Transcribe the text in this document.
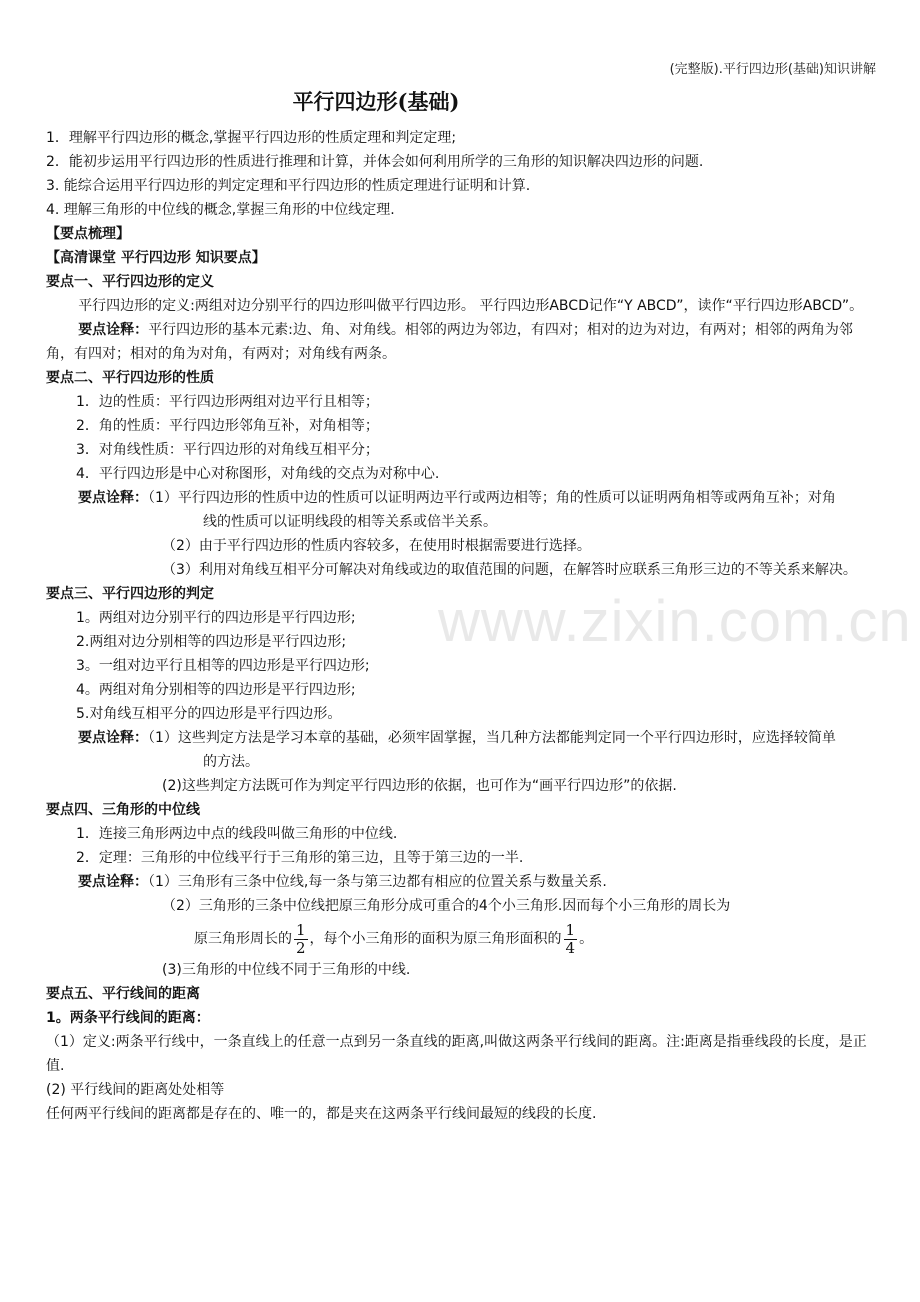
(完整版).平行四边形(基础)知识讲解
平行四边形(基础)
www.zixin.com.cn

1．理解平行四边形的概念,掌握平行四边形的性质定理和判定定理;

2．能初步运用平行四边形的性质进行推理和计算，并体会如何利用所学的三角形的知识解决四边形的问题.

3. 能综合运用平行四边形的判定定理和平行四边形的性质定理进行证明和计算.

4. 理解三角形的中位线的概念,掌握三角形的中位线定理.

【要点梳理】

【高清课堂 平行四边形 知识要点】

要点一、平行四边形的定义

平行四边形的定义:两组对边分别平行的四边形叫做平行四边形。 平行四边形ABCD记作“Y ABCD”，读作“平行四边形ABCD”。

要点诠释：平行四边形的基本元素:边、角、对角线。相邻的两边为邻边，有四对；相对的边为对边，有两对；相邻的两角为邻角，有四对；相对的角为对角，有两对；对角线有两条。

要点二、平行四边形的性质

1．边的性质：平行四边形两组对边平行且相等；

2．角的性质：平行四边形邻角互补，对角相等；

3．对角线性质：平行四边形的对角线互相平分；

4．平行四边形是中心对称图形，对角线的交点为对称中心.

要点诠释：（1）平行四边形的性质中边的性质可以证明两边平行或两边相等；角的性质可以证明两角相等或两角互补；对角线的性质可以证明线段的相等关系或倍半关系。

（2）由于平行四边形的性质内容较多，在使用时根据需要进行选择。

（3）利用对角线互相平分可解决对角线或边的取值范围的问题，在解答时应联系三角形三边的不等关系来解决。

要点三、平行四边形的判定

1。两组对边分别平行的四边形是平行四边形;

2.两组对边分别相等的四边形是平行四边形;

3。一组对边平行且相等的四边形是平行四边形;

4。两组对角分别相等的四边形是平行四边形;

5.对角线互相平分的四边形是平行四边形。

要点诠释：（1）这些判定方法是学习本章的基础，必须牢固掌握，当几种方法都能判定同一个平行四边形时，应选择较简单的方法。

(2)这些判定方法既可作为判定平行四边形的依据，也可作为“画平行四边形”的依据.

要点四、三角形的中位线

1．连接三角形两边中点的线段叫做三角形的中位线.

2．定理：三角形的中位线平行于三角形的第三边，且等于第三边的一半.

要点诠释：（1）三角形有三条中位线,每一条与第三边都有相应的位置关系与数量关系.

（2）三角形的三条中位线把原三角形分成可重合的4个小三角形.因而每个小三角形的周长为

原三角形周长的 $\frac{1}{2}$ ，每个小三角形的面积为原三角形面积的 $\frac{1}{4}$ 。

(3)三角形的中位线不同于三角形的中线.

要点五、平行线间的距离

1。两条平行线间的距离：

（1）定义:两条平行线中，一条直线上的任意一点到另一条直线的距离,叫做这两条平行线间的距离。注:距离是指垂线段的长度，是正值.

(2) 平行线间的距离处处相等

任何两平行线间的距离都是存在的、唯一的，都是夹在这两条平行线间最短的线段的长度.
